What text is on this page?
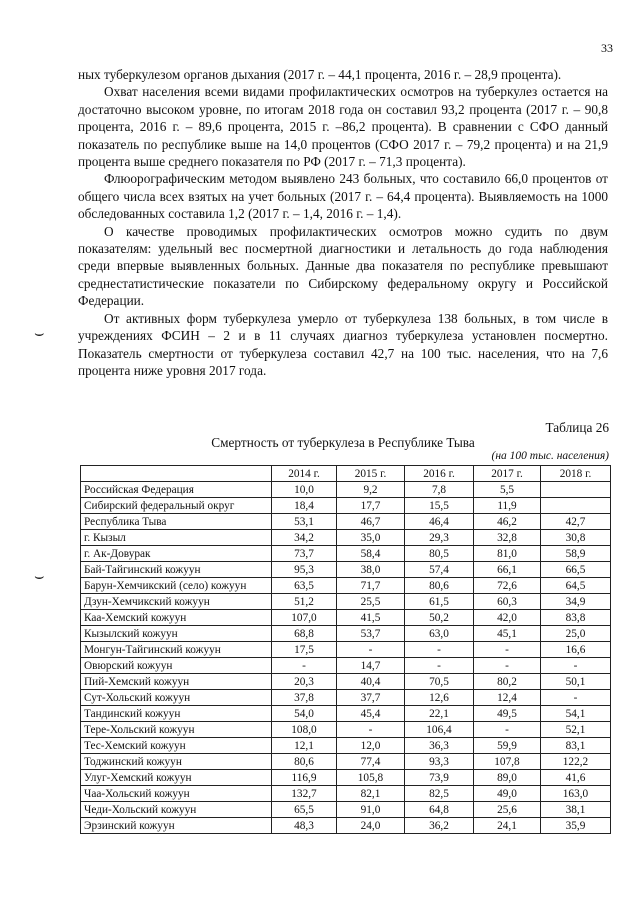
33
⌣
⌣

ных туберкулезом органов дыхания (2017 г. – 44,1 процента, 2016 г. – 28,9 процента).

Охват населения всеми видами профилактических осмотров на туберкулез остается на достаточно высоком уровне, по итогам 2018 года он составил 93,2 процента (2017 г. – 90,8 процента, 2016 г. – 89,6 процента, 2015 г. –86,2 процента). В сравнении с СФО данный показатель по республике выше на 14,0 процентов (СФО 2017 г. – 79,2 процента) и на 21,9 процента выше среднего показателя по РФ (2017 г. – 71,3 процента).

Флюорографическим методом выявлено 243 больных, что составило 66,0 процентов от общего числа всех взятых на учет больных (2017 г. – 64,4 процента). Выявляемость на 1000 обследованных составила 1,2 (2017 г. – 1,4, 2016 г. – 1,4).

О качестве проводимых профилактических осмотров можно судить по двум показателям: удельный вес посмертной диагностики и летальность до года наблюдения среди впервые выявленных больных. Данные два показателя по республике превышают среднестатистические показатели по Сибирскому федеральному округу и Российской Федерации.

От активных форм туберкулеза умерло от туберкулеза 138 больных, в том числе в учреждениях ФСИН – 2 и в 11 случаях диагноз туберкулеза установлен посмертно. Показатель смертности от туберкулеза составил 42,7 на 100 тыс. населения, что на 7,6 процента ниже уровня 2017 года.

Таблица 26
Смертность от туберкулеза в Республике Тыва
(на 100 тыс. населения)
	2014 г.	2015 г.	2016 г.	2017 г.	2018 г.
Российская Федерация	10,0	9,2	7,8	5,5	
Сибирский федеральный округ	18,4	17,7	15,5	11,9	
Республика Тыва	53,1	46,7	46,4	46,2	42,7
г. Кызыл	34,2	35,0	29,3	32,8	30,8
г. Ак-Довурак	73,7	58,4	80,5	81,0	58,9
Бай-Тайгинский кожуун	95,3	38,0	57,4	66,1	66,5
Барун-Хемчикский (село) кожуун	63,5	71,7	80,6	72,6	64,5
Дзун-Хемчикский кожуун	51,2	25,5	61,5	60,3	34,9
Каа-Хемский кожуун	107,0	41,5	50,2	42,0	83,8
Кызылский кожуун	68,8	53,7	63,0	45,1	25,0
Монгун-Тайгинский кожуун	17,5	-	-	-	16,6
Овюрский кожуун	-	14,7	-	-	-
Пий-Хемский кожуун	20,3	40,4	70,5	80,2	50,1
Сут-Хольский кожуун	37,8	37,7	12,6	12,4	-
Тандинский кожуун	54,0	45,4	22,1	49,5	54,1
Тере-Хольский кожуун	108,0	-	106,4	-	52,1
Тес-Хемский кожуун	12,1	12,0	36,3	59,9	83,1
Тоджинский кожуун	80,6	77,4	93,3	107,8	122,2
Улуг-Хемский кожуун	116,9	105,8	73,9	89,0	41,6
Чаа-Хольский кожуун	132,7	82,1	82,5	49,0	163,0
Чеди-Хольский кожуун	65,5	91,0	64,8	25,6	38,1
Эрзинский кожуун	48,3	24,0	36,2	24,1	35,9
